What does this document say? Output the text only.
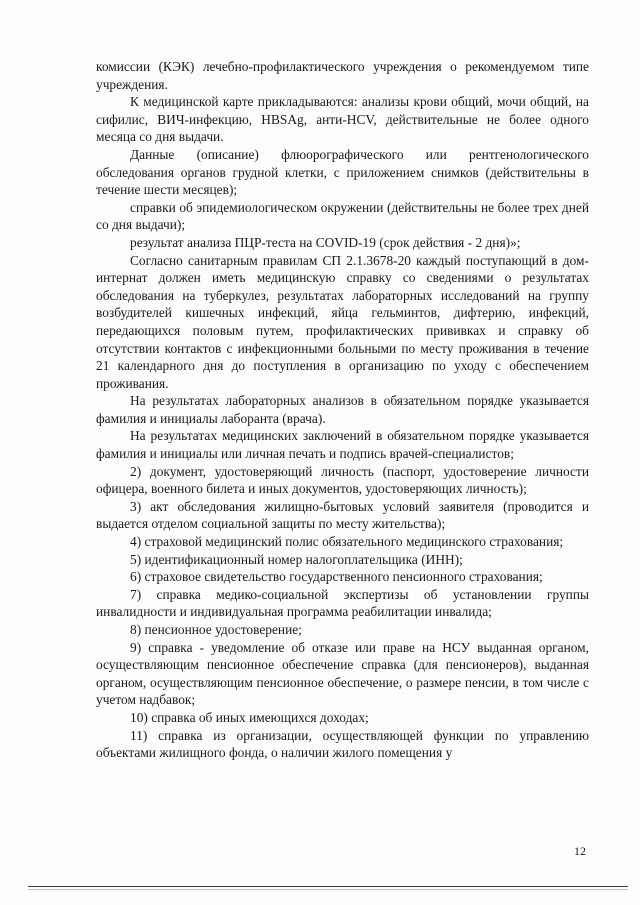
комиссии (КЭК) лечебно-профилактического учреждения о рекомендуемом типе учреждения.

К медицинской карте прикладываются: анализы крови общий, мочи общий, на сифилис, ВИЧ-инфекцию, HBSAg, анти-HCV, действительные не более одного месяца со дня выдачи.

Данные (описание) флюорографического или рентгенологического обследования органов грудной клетки, с приложением снимков (действительны в течение шести месяцев);

справки об эпидемиологическом окружении (действительны не более трех дней со дня выдачи);

результат анализа ПЦР-теста на COVID-19 (срок действия - 2 дня)»;

Согласно санитарным правилам СП 2.1.3678-20 каждый поступающий в дом-интернат должен иметь медицинскую справку со сведениями о результатах обследования на туберкулез, результатах лабораторных исследований на группу возбудителей кишечных инфекций, яйца гельминтов, дифтерию, инфекций, передающихся половым путем, профилактических прививках и справку об отсутствии контактов с инфекционными больными по месту проживания в течение 21 календарного дня до поступления в организацию по уходу с обеспечением проживания.

На результатах лабораторных анализов в обязательном порядке указывается фамилия и инициалы лаборанта (врача).

На результатах медицинских заключений в обязательном порядке указывается фамилия и инициалы или личная печать и подпись врачей-специалистов;

2) документ, удостоверяющий личность (паспорт, удостоверение личности офицера, военного билета и иных документов, удостоверяющих личность);

3) акт обследования жилищно-бытовых условий заявителя (проводится и выдается отделом социальной защиты по месту жительства);

4) страховой медицинский полис обязательного медицинского страхования;

5) идентификационный номер налогоплательщика (ИНН);

6) страховое свидетельство государственного пенсионного страхования;

7) справка медико-социальной экспертизы об установлении группы инвалидности и индивидуальная программа реабилитации инвалида;

8) пенсионное удостоверение;

9) справка - уведомление об отказе или праве на НСУ выданная органом, осуществляющим пенсионное обеспечение справка (для пенсионеров), выданная органом, осуществляющим пенсионное обеспечение, о размере пенсии, в том числе с учетом надбавок;

10) справка об иных имеющихся доходах;

11) справка из организации, осуществляющей функции по управлению объектами жилищного фонда, о наличии жилого помещения у

12
